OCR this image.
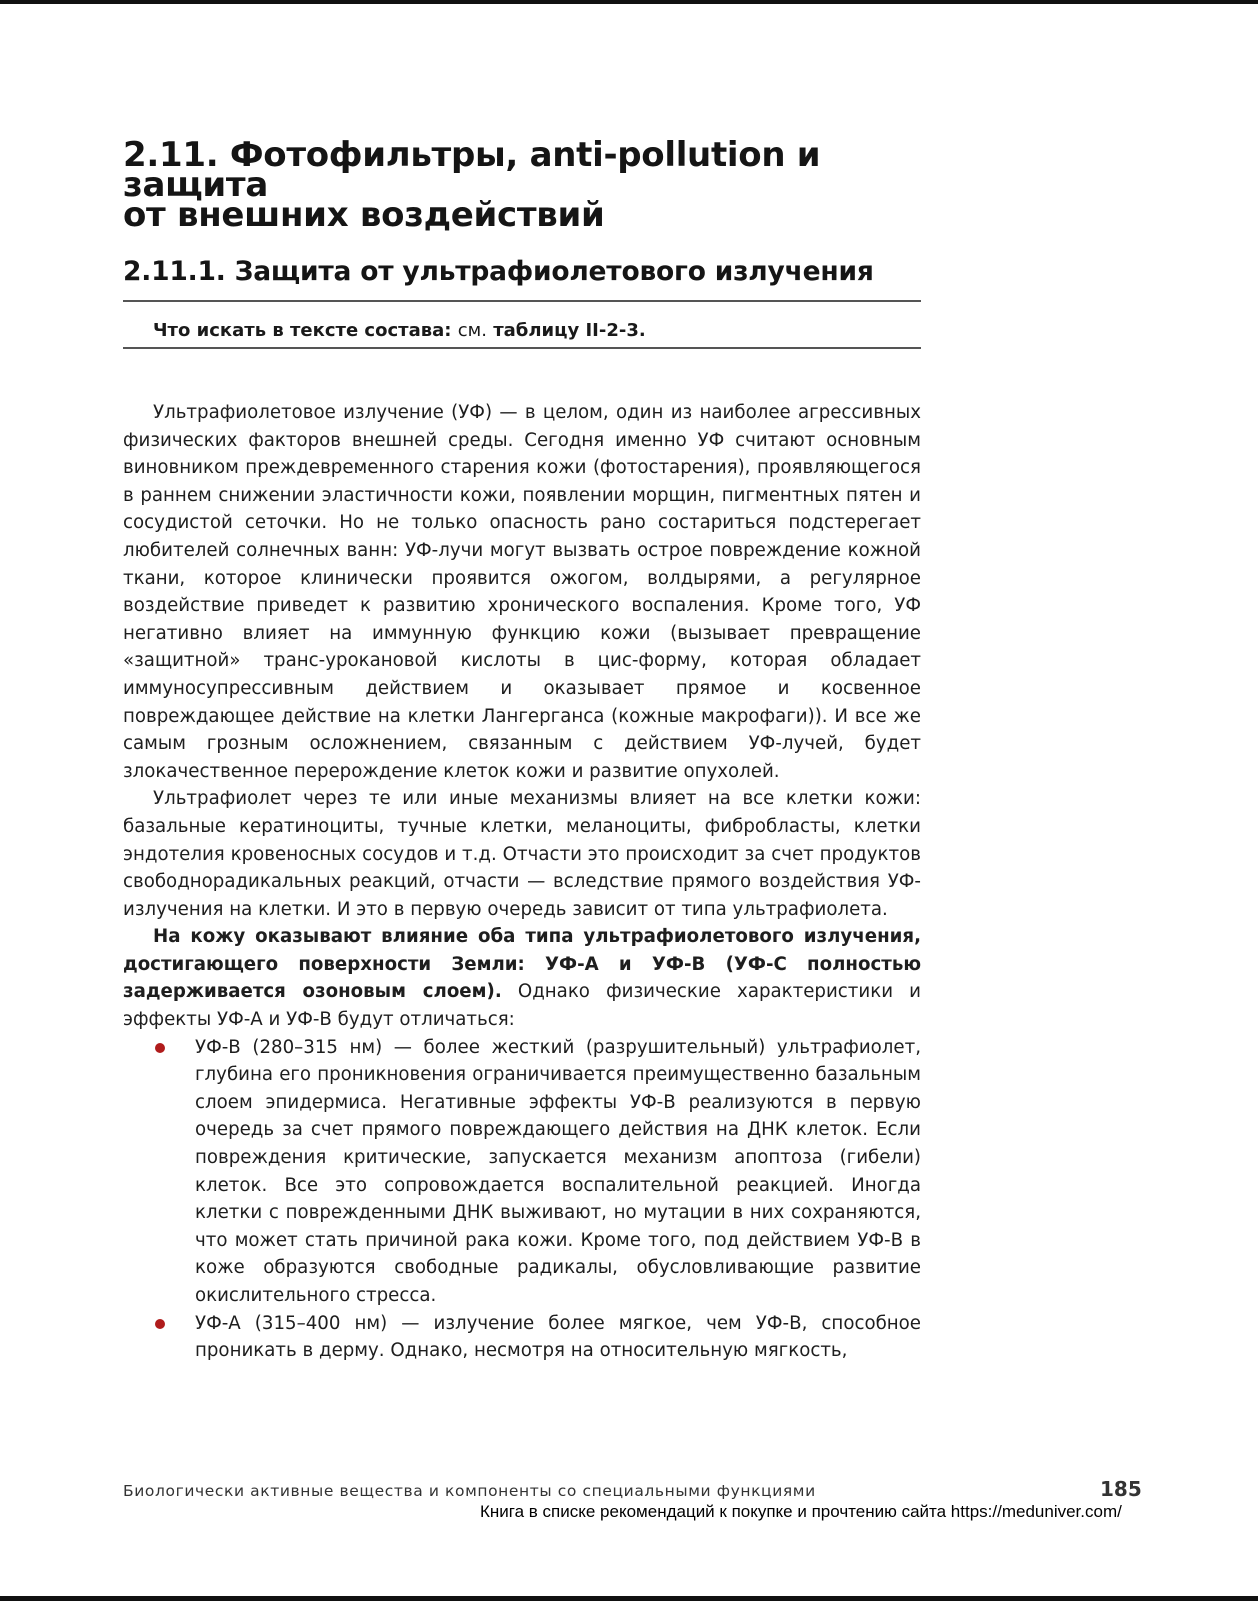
2.11. Фотофильтры, anti-pollution и защита
от внешних воздействий
2.11.1. Защита от ультрафиолетового излучения
Что искать в тексте состава: см. таблицу II-2-3.

Ультрафиолетовое излучение (УФ) — в целом, один из наиболее агрессивных физических факторов внешней среды. Сегодня именно УФ считают основным виновником преждевременного старения кожи (фотостарения), проявляющегося в раннем снижении эластичности кожи, появлении морщин, пигментных пятен и сосудистой сеточки. Но не только опасность рано состариться подстерегает любителей солнечных ванн: УФ-лучи могут вызвать острое повреждение кожной ткани, которое клинически проявится ожогом, волдырями, а регулярное воздействие приведет к развитию хронического воспаления. Кроме того, УФ негативно влияет на иммунную функцию кожи (вызывает превращение «защитной» транс-урокановой кислоты в цис-форму, которая обладает иммуносупрессивным действием и оказывает прямое и косвенное повреждающее действие на клетки Лангерганса (кожные макрофаги)). И все же самым грозным осложнением, связанным с действием УФ-лучей, будет злокачественное перерождение клеток кожи и развитие опухолей.

Ультрафиолет через те или иные механизмы влияет на все клетки кожи: базальные кератиноциты, тучные клетки, меланоциты, фибробласты, клетки эндотелия кровеносных сосудов и т.д. Отчасти это происходит за счет продуктов свободнорадикальных реакций, отчасти — вследствие прямого воздействия УФ-излучения на клетки. И это в первую очередь зависит от типа ультрафиолета.

На кожу оказывают влияние оба типа ультрафиолетового излучения, достигающего поверхности Земли: УФ-А и УФ-В (УФ-С полностью задерживается озоновым слоем). Однако физические характеристики и эффекты УФ-А и УФ-В будут отличаться:

УФ-В (280–315 нм) — более жесткий (разрушительный) ультрафиолет, глубина его проникновения ограничивается преимущественно базальным слоем эпидермиса. Негативные эффекты УФ-В реализуются в первую очередь за счет прямого повреждающего действия на ДНК клеток. Если повреждения критические, запускается механизм апоптоза (гибели) клеток. Все это сопровождается воспалительной реакцией. Иногда клетки с поврежденными ДНК выживают, но мутации в них сохраняются, что может стать причиной рака кожи. Кроме того, под действием УФ-В в коже образуются свободные радикалы, обусловливающие развитие окислительного стресса.
УФ-А (315–400 нм) — излучение более мягкое, чем УФ-В, способное проникать в дерму. Однако, несмотря на относительную мягкость,
Биологически активные вещества и компоненты со специальными функциями	185
Книга в списке рекомендаций к покупке и прочтению сайта https://meduniver.com/
